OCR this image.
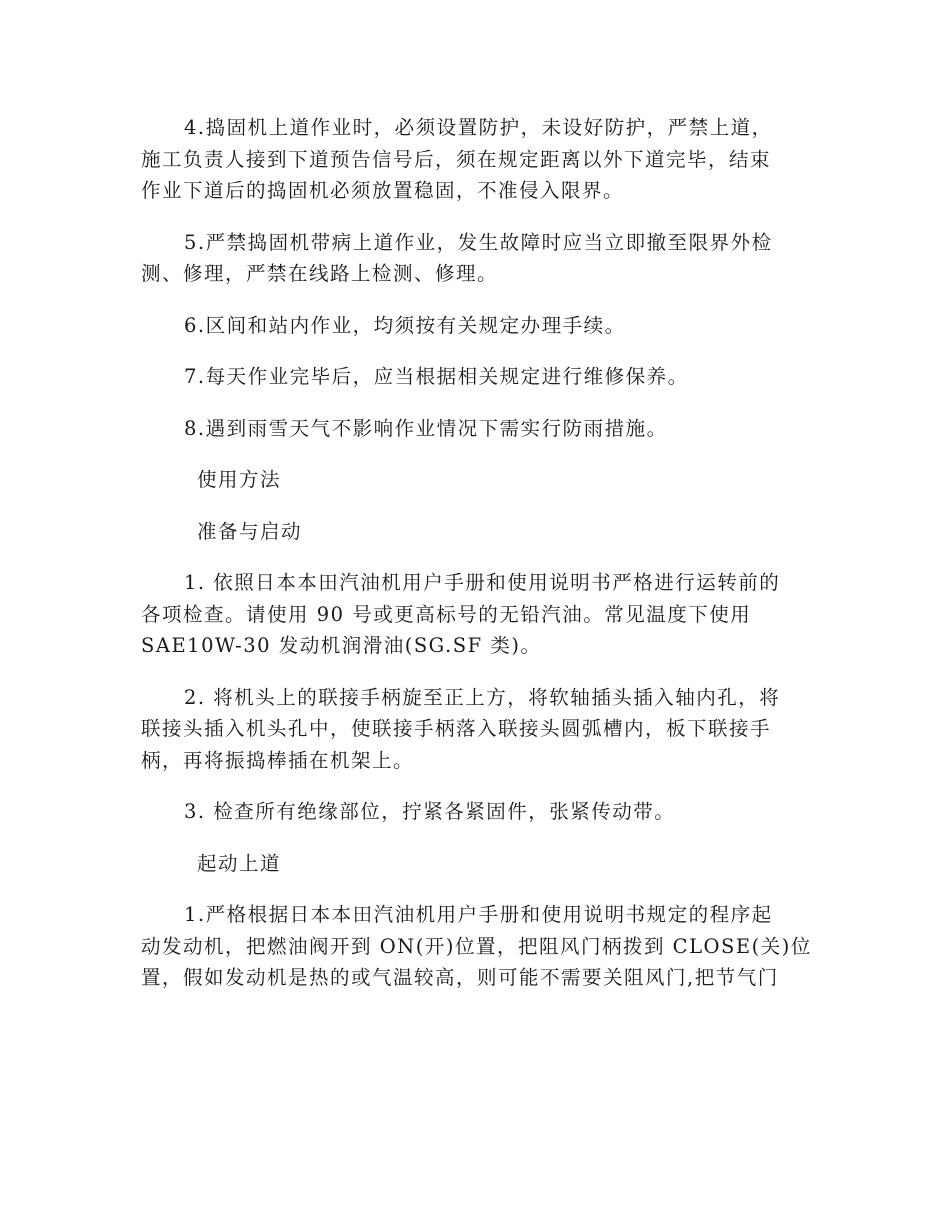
4.捣固机上道作业时，必须设置防护，未设好防护，严禁上道，
施工负责人接到下道预告信号后，须在规定距离以外下道完毕，结束
作业下道后的捣固机必须放置稳固，不准侵入限界。
5.严禁捣固机带病上道作业，发生故障时应当立即撤至限界外检
测、修理，严禁在线路上检测、修理。
6.区间和站内作业，均须按有关规定办理手续。
7.每天作业完毕后，应当根据相关规定进行维修保养。
8.遇到雨雪天气不影响作业情况下需实行防雨措施。
使用方法
准备与启动
1. 依照日本本田汽油机用户手册和使用说明书严格进行运转前的
各项检查。请使用 90 号或更高标号的无铅汽油。常见温度下使用
SAE10W-30 发动机润滑油(SG.SF 类)。
2. 将机头上的联接手柄旋至正上方，将软轴插头插入轴内孔，将
联接头插入机头孔中，使联接手柄落入联接头圆弧槽内，板下联接手
柄，再将振捣棒插在机架上。
3. 检查所有绝缘部位，拧紧各紧固件，张紧传动带。
起动上道
1.严格根据日本本田汽油机用户手册和使用说明书规定的程序起
动发动机，把燃油阀开到 ON(开)位置，把阻风门柄拨到 CLOSE(关)位
置，假如发动机是热的或气温较高，则可能不需要关阻风门,把节气门
